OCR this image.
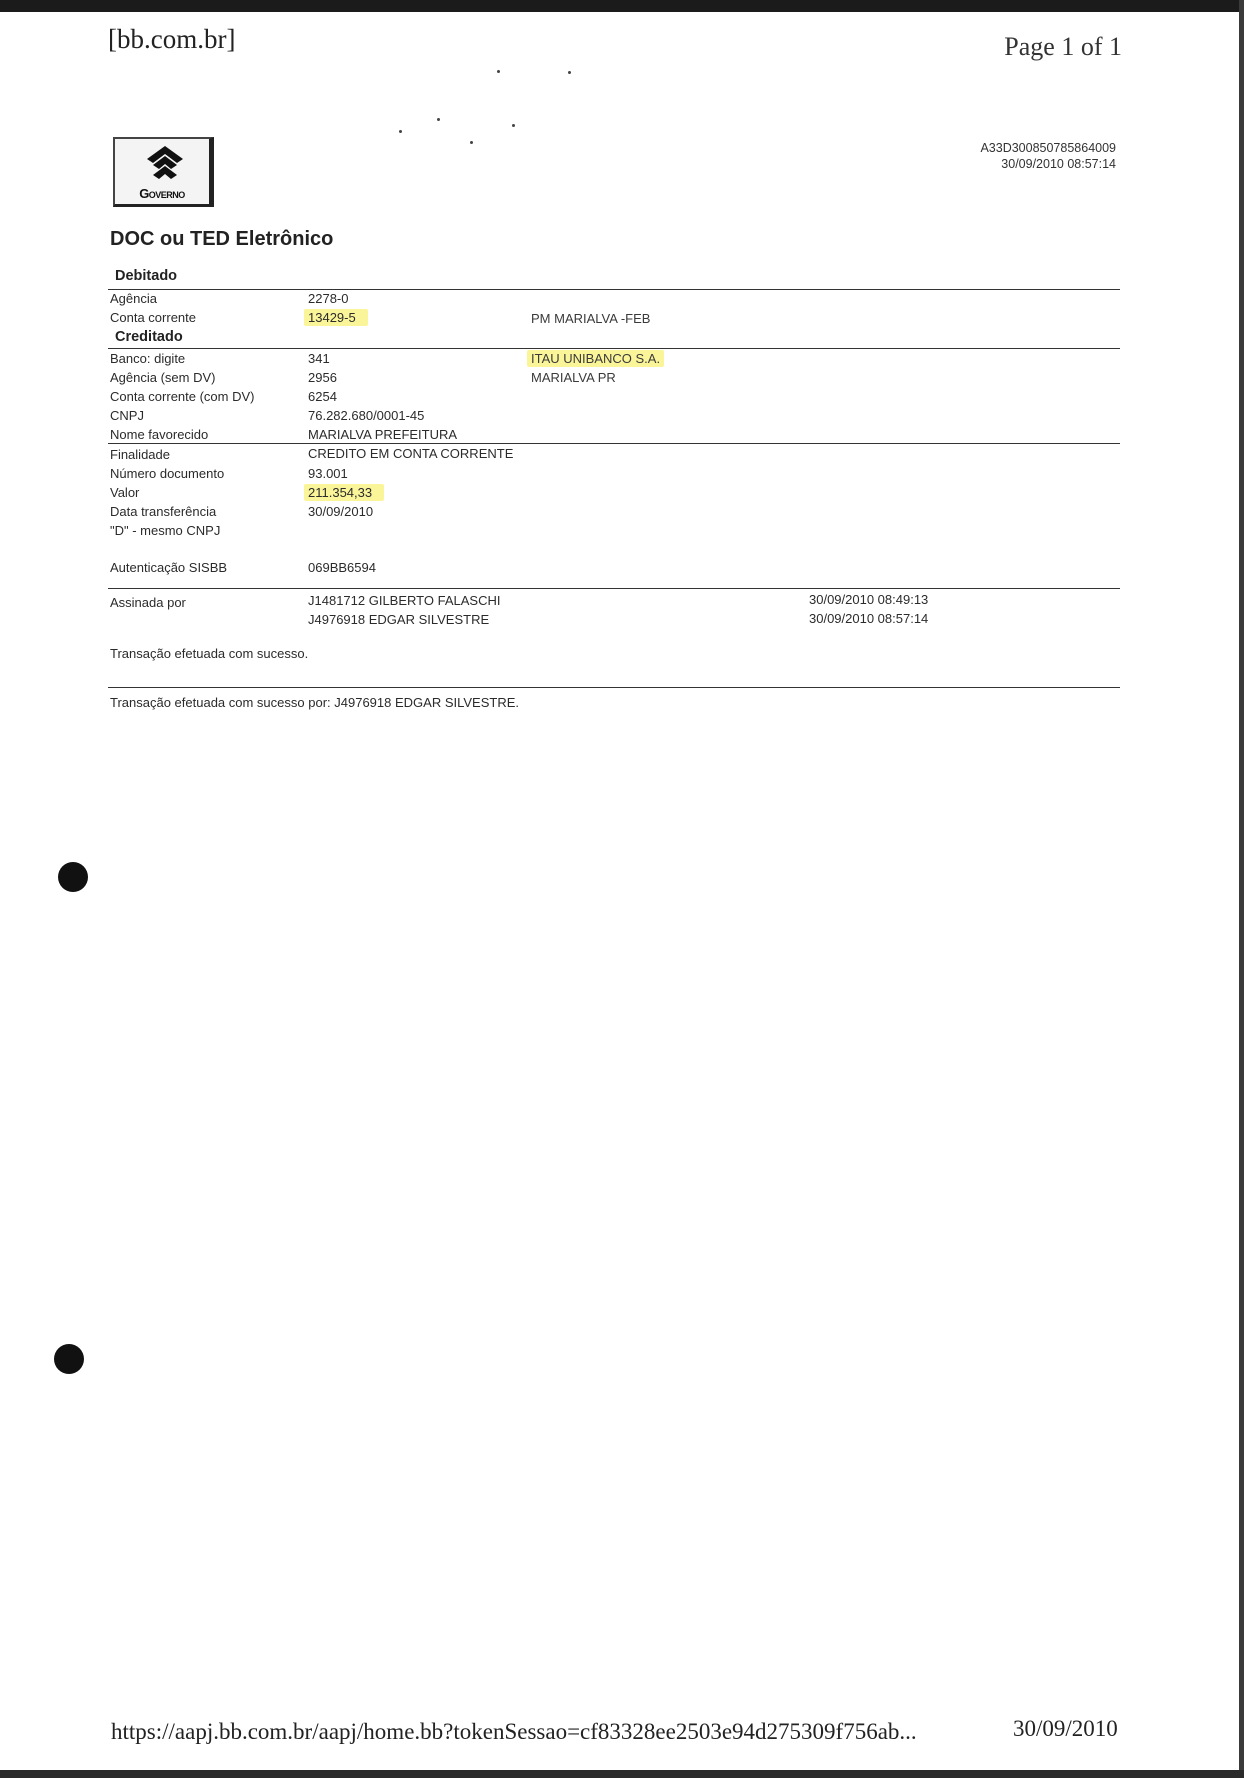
[bb.com.br]	Page 1 of 1
Governo
A33D300850785864009
30/09/2010 08:57:14
DOC ou TED Eletrônico
Debitado
Agência	2278-0
Conta corrente	13429-5	PM MARIALVA -FEB
Creditado
Banco: digite	341	ITAU UNIBANCO S.A.
Agência (sem DV)	2956	MARIALVA PR
Conta corrente (com DV)	6254
CNPJ	76.282.680/0001-45
Nome favorecido	MARIALVA PREFEITURA
Finalidade	CREDITO EM CONTA CORRENTE
Número documento	93.001
Valor	211.354,33
Data transferência	30/09/2010
"D" - mesmo CNPJ
Autenticação SISBB	069BB6594
Assinada por	J1481712 GILBERTO FALASCHI	30/09/2010 08:49:13
J4976918 EDGAR SILVESTRE	30/09/2010 08:57:14
Transação efetuada com sucesso.
Transação efetuada com sucesso por: J4976918 EDGAR SILVESTRE.
https://aapj.bb.com.br/aapj/home.bb?tokenSessao=cf83328ee2503e94d275309f756ab...	30/09/2010
